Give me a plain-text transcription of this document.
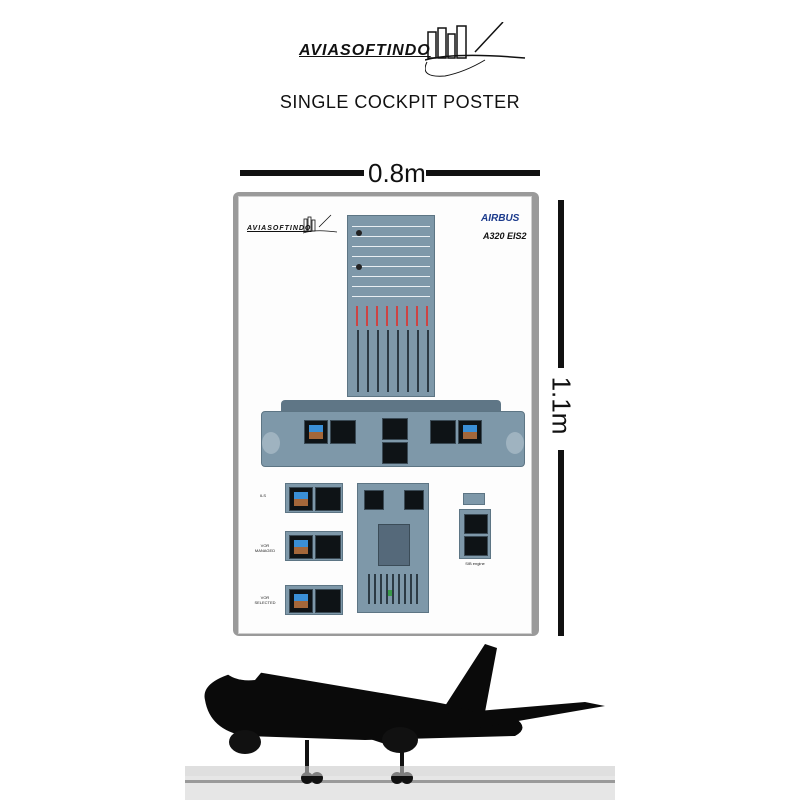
AVIASOFTINDO
SINGLE COCKPIT POSTER
0.8m
1.1m
AVIASOFTINDO
AIRBUS
A320 EIS2
ILS
VOR
MANAGED
VOR
SELECTED
SIB engine
